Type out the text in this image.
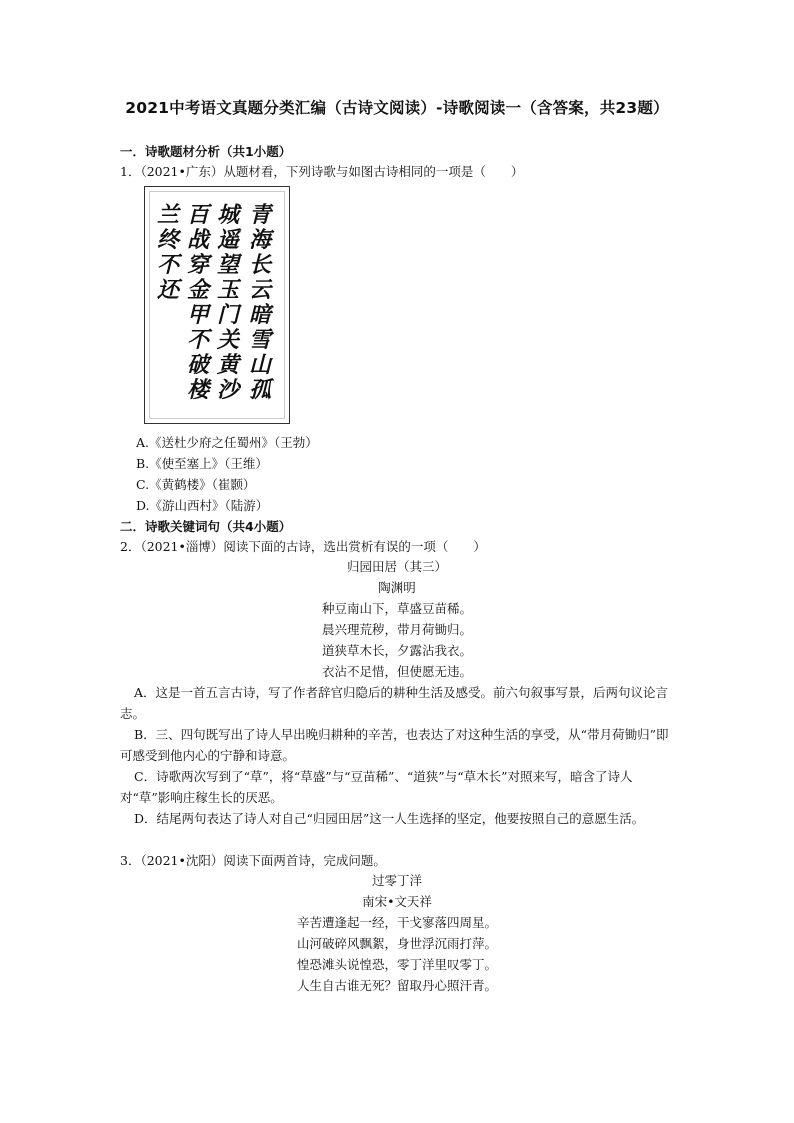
2021中考语文真题分类汇编（古诗文阅读）-诗歌阅读一（含答案，共23题）
一．诗歌题材分析（共1小题）
1．（2021•广东）从题材看，下列诗歌与如图古诗相同的一项是（　　）
青海长云暗雪山孤
城遥望玉门关黄沙
百战穿金甲不破楼
兰终不还
A.《送杜少府之任蜀州》（王勃）
B.《使至塞上》（王维）
C.《黄鹤楼》（崔颢）
D.《游山西村》（陆游）
二．诗歌关键词句（共4小题）
2．（2021•淄博）阅读下面的古诗，选出赏析有误的一项（　　）
归园田居（其三）
陶渊明
种豆南山下，草盛豆苗稀。
晨兴理荒秽，带月荷锄归。
道狭草木长，夕露沾我衣。
衣沾不足惜，但使愿无违。
A．这是一首五言古诗，写了作者辞官归隐后的耕种生活及感受。前六句叙事写景，后两句议论言志。
B．三、四句既写出了诗人早出晚归耕种的辛苦，也表达了对这种生活的享受，从“带月荷锄归”即可感受到他内心的宁静和诗意。
C．诗歌两次写到了“草”，将“草盛”与“豆苗稀”、“道狭”与“草木长”对照来写，暗含了诗人对“草”影响庄稼生长的厌恶。
D．结尾两句表达了诗人对自己“归园田居”这一人生选择的坚定，他要按照自己的意愿生活。
3．（2021•沈阳）阅读下面两首诗，完成问题。
过零丁洋
南宋•文天祥
辛苦遭逢起一经，干戈寥落四周星。
山河破碎风飘絮，身世浮沉雨打萍。
惶恐滩头说惶恐，零丁洋里叹零丁。
人生自古谁无死？留取丹心照汗青。
